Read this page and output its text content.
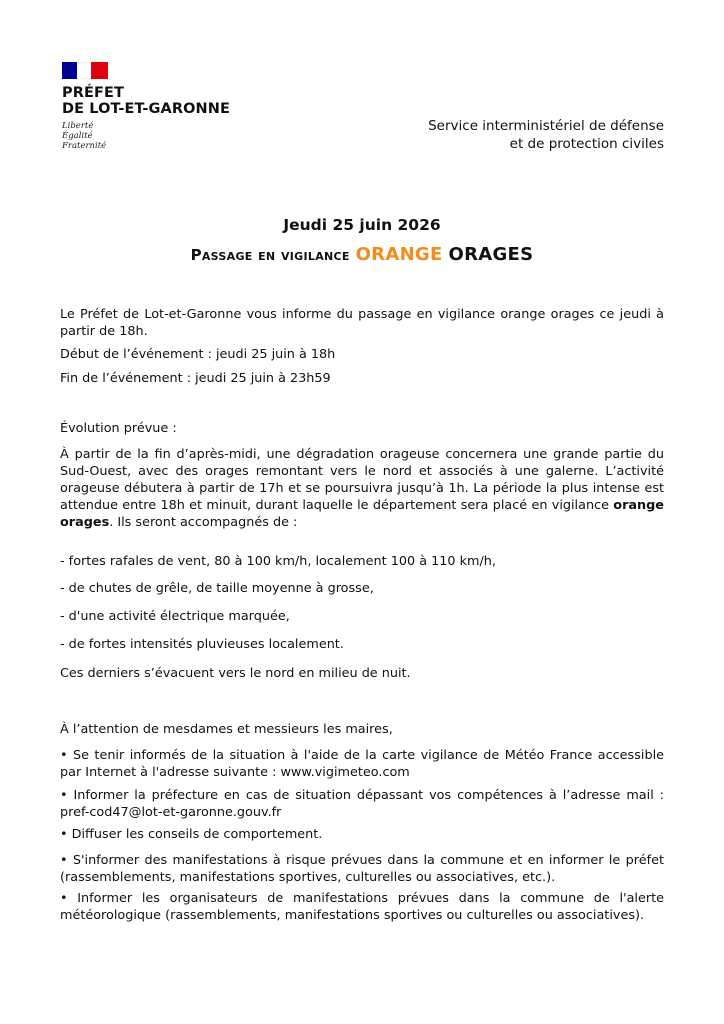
PRÉFET
DE LOT-ET-GARONNE
Liberté
Égalité
Fraternité
Service interministériel de défense
et de protection civiles
Jeudi 25 juin 2026
Passage en vigilance ORANGE ORAGES
Le Préfet de Lot-et-Garonne vous informe du passage en vigilance orange orages ce jeudi à partir de 18h.
Début de l’événement : jeudi 25 juin à 18h
Fin de l’événement : jeudi 25 juin à 23h59
Évolution prévue :
À partir de la fin d’après-midi, une dégradation orageuse concernera une grande partie du Sud-Ouest, avec des orages remontant vers le nord et associés à une galerne. L’activité orageuse débutera à partir de 17h et se poursuivra jusqu’à 1h. La période la plus intense est attendue entre 18h et minuit, durant laquelle le département sera placé en vigilance orange orages. Ils seront accompagnés de :
- fortes rafales de vent, 80 à 100 km/h, localement 100 à 110 km/h,
- de chutes de grêle, de taille moyenne à grosse,
- d'une activité électrique marquée,
- de fortes intensités pluvieuses localement.
Ces derniers s’évacuent vers le nord en milieu de nuit.
À l’attention de mesdames et messieurs les maires,
• Se tenir informés de la situation à l'aide de la carte vigilance de Météo France accessible par Internet à l'adresse suivante : www.vigimeteo.com
• Informer la préfecture en cas de situation dépassant vos compétences à l’adresse mail : pref-cod47@lot-et-garonne.gouv.fr
• Diffuser les conseils de comportement.
• S'informer des manifestations à risque prévues dans la commune et en informer le préfet (rassemblements, manifestations sportives, culturelles ou associatives, etc.).
• Informer les organisateurs de manifestations prévues dans la commune de l'alerte météorologique (rassemblements, manifestations sportives ou culturelles ou associatives).
